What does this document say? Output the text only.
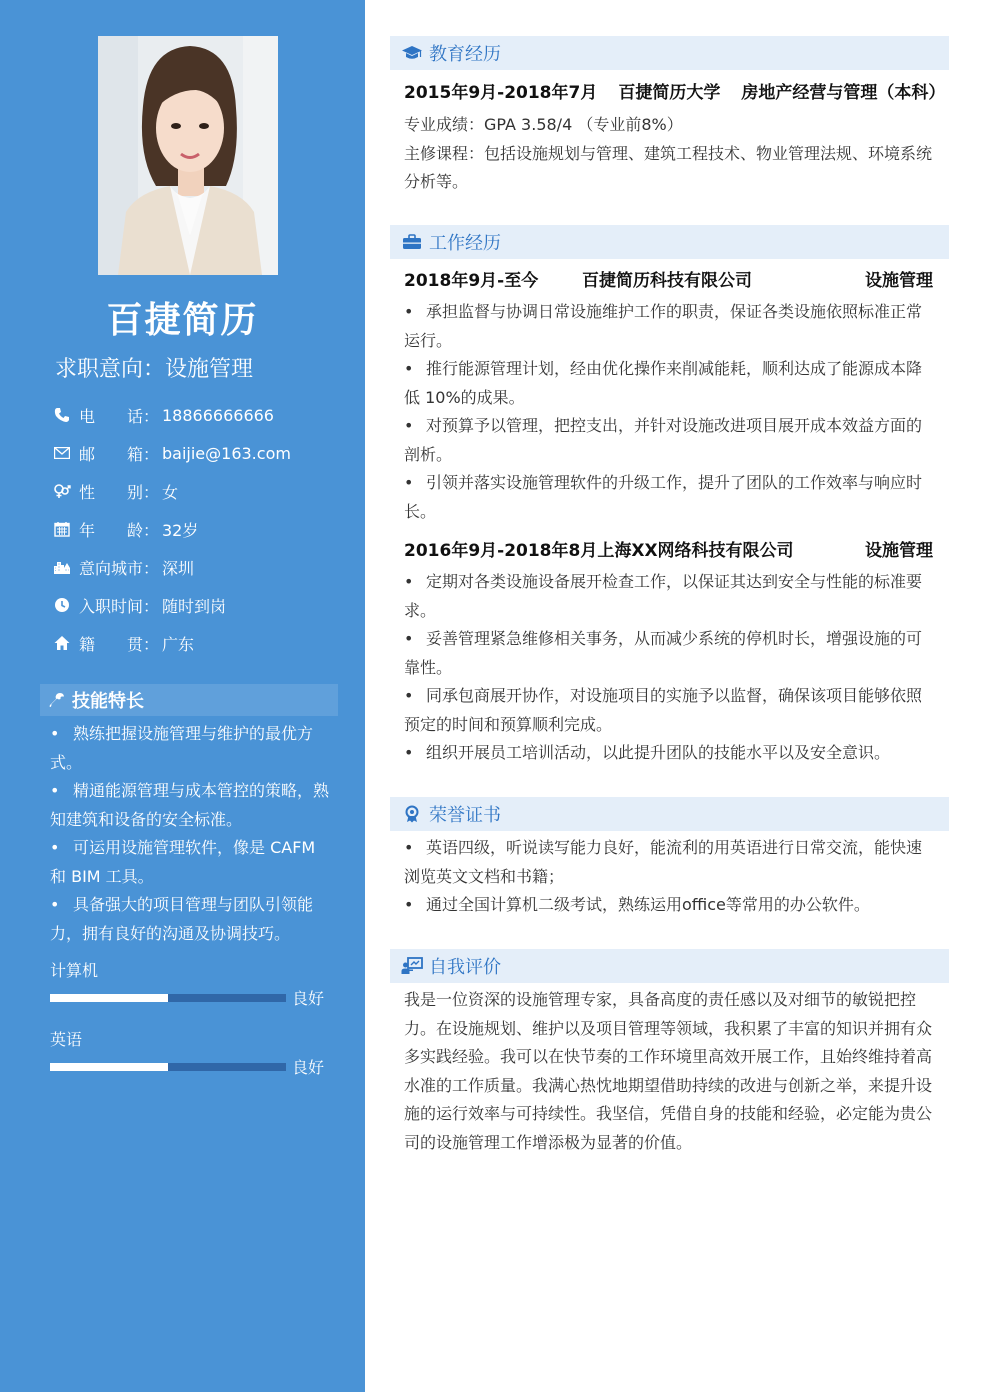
百捷简历
求职意向：设施管理
电　　话： 18866666666
邮　　箱： baijie@163.com
性　　别： 女
年　　龄： 32岁
意向城市： 深圳
入职时间： 随时到岗
籍　　贯： 广东
技能特长
• 熟练把握设施管理与维护的最优方式。
• 精通能源管理与成本管控的策略，熟知建筑和设备的安全标准。
• 可运用设施管理软件，像是 CAFM 和 BIM 工具。
• 具备强大的项目管理与团队引领能力，拥有良好的沟通及协调技巧。
计算机
良好
英语
良好
教育经历
2015年9月-2018年7月 百捷简历大学 房地产经营与管理（本科）
专业成绩：GPA 3.58/4 （专业前8%）
主修课程：包括设施规划与管理、建筑工程技术、物业管理法规、环境系统分析等。
工作经历
2018年9月-至今	百捷简历科技有限公司	设施管理
• 承担监督与协调日常设施维护工作的职责，保证各类设施依照标准正常运行。
• 推行能源管理计划，经由优化操作来削减能耗，顺利达成了能源成本降低 10%的成果。
• 对预算予以管理，把控支出，并针对设施改进项目展开成本效益方面的剖析。
• 引领并落实设施管理软件的升级工作，提升了团队的工作效率与响应时长。
2016年9月-2018年8月上海XX网络科技有限公司	设施管理
• 定期对各类设施设备展开检查工作，以保证其达到安全与性能的标准要求。
• 妥善管理紧急维修相关事务，从而减少系统的停机时长，增强设施的可靠性。
• 同承包商展开协作，对设施项目的实施予以监督，确保该项目能够依照预定的时间和预算顺利完成。
• 组织开展员工培训活动，以此提升团队的技能水平以及安全意识。
荣誉证书
• 英语四级，听说读写能力良好，能流利的用英语进行日常交流，能快速浏览英文文档和书籍；
• 通过全国计算机二级考试，熟练运用office等常用的办公软件。
自我评价
我是一位资深的设施管理专家，具备高度的责任感以及对细节的敏锐把控力。在设施规划、维护以及项目管理等领域，我积累了丰富的知识并拥有众多实践经验。我可以在快节奏的工作环境里高效开展工作，且始终维持着高水准的工作质量。我满心热忱地期望借助持续的改进与创新之举，来提升设施的运行效率与可持续性。我坚信，凭借自身的技能和经验，必定能为贵公司的设施管理工作增添极为显著的价值。
